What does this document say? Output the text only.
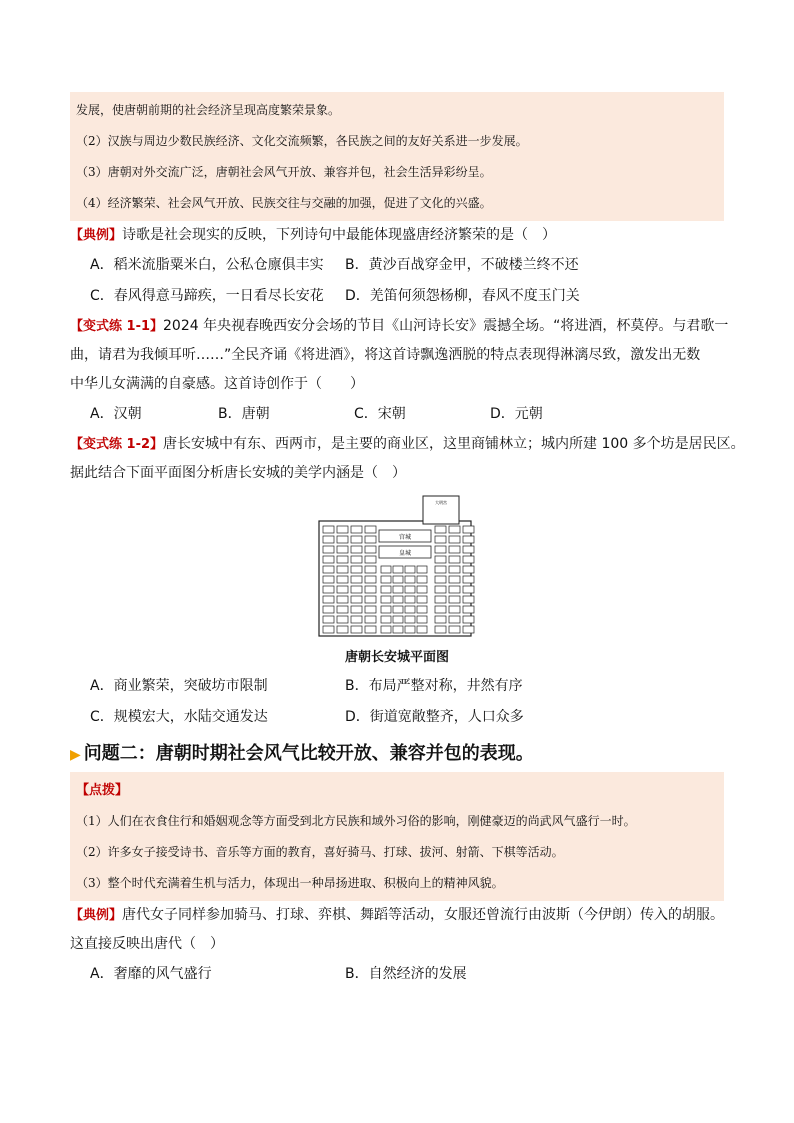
发展，使唐朝前期的社会经济呈现高度繁荣景象。
（2）汉族与周边少数民族经济、文化交流频繁，各民族之间的友好关系进一步发展。
（3）唐朝对外交流广泛，唐朝社会风气开放、兼容并包，社会生活异彩纷呈。
（4）经济繁荣、社会风气开放、民族交往与交融的加强，促进了文化的兴盛。
【典例】诗歌是社会现实的反映，下列诗句中最能体现盛唐经济繁荣的是（　）
A．稻米流脂粟米白，公私仓廪俱丰实	B．黄沙百战穿金甲，不破楼兰终不还
C．春风得意马蹄疾，一日看尽长安花	D．羌笛何须怨杨柳，春风不度玉门关
【变式练 1-1】2024 年央视春晚西安分会场的节目《山河诗长安》震撼全场。“将进酒，杯莫停。与君歌一
曲，请君为我倾耳听……”全民齐诵《将进酒》，将这首诗飘逸洒脱的特点表现得淋漓尽致，激发出无数
中华儿女满满的自豪感。这首诗创作于（　　）
A．汉朝	B．唐朝	C．宋朝	D．元朝
【变式练 1-2】唐长安城中有东、西两市，是主要的商业区，这里商铺林立；城内所建 100 多个坊是居民区。
据此结合下面平面图分析唐长安城的美学内涵是（　）
宫城
皇城
大明宫
唐朝长安城平面图
A．商业繁荣，突破坊市限制	B．布局严整对称，井然有序
C．规模宏大，水陆交通发达	D．街道宽敞整齐，人口众多
▶ 问题二：唐朝时期社会风气比较开放、兼容并包的表现。
【点拨】
（1）人们在衣食住行和婚姻观念等方面受到北方民族和域外习俗的影响，刚健豪迈的尚武风气盛行一时。
（2）许多女子接受诗书、音乐等方面的教育，喜好骑马、打球、拔河、射箭、下棋等活动。
（3）整个时代充满着生机与活力，体现出一种昂扬进取、积极向上的精神风貌。
【典例】唐代女子同样参加骑马、打球、弈棋、舞蹈等活动，女服还曾流行由波斯（今伊朗）传入的胡服。
这直接反映出唐代（　）
A．奢靡的风气盛行	B．自然经济的发展
